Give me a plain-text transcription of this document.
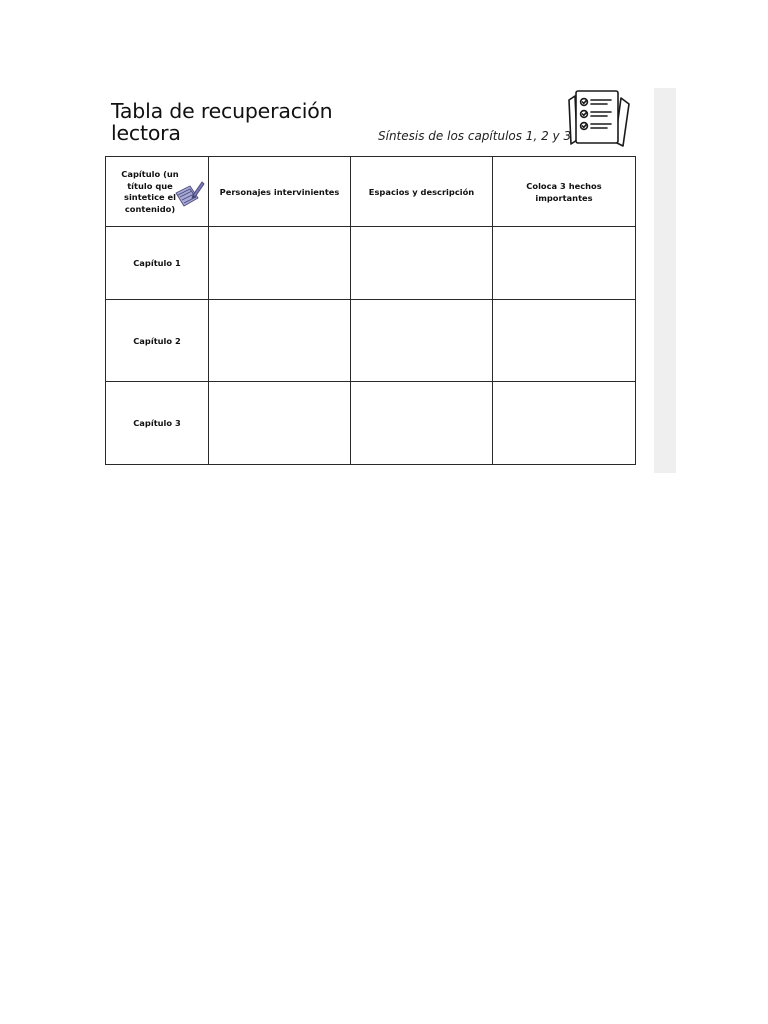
Tabla de recuperación
lectora	Síntesis de los capítulos 1, 2 y 3
Capítulo (un título que sintetice el contenido)	Personajes intervinientes	Espacios y descripción	Coloca 3 hechos importantes

Capítulo 1			
Capítulo 2			
Capítulo 3			
